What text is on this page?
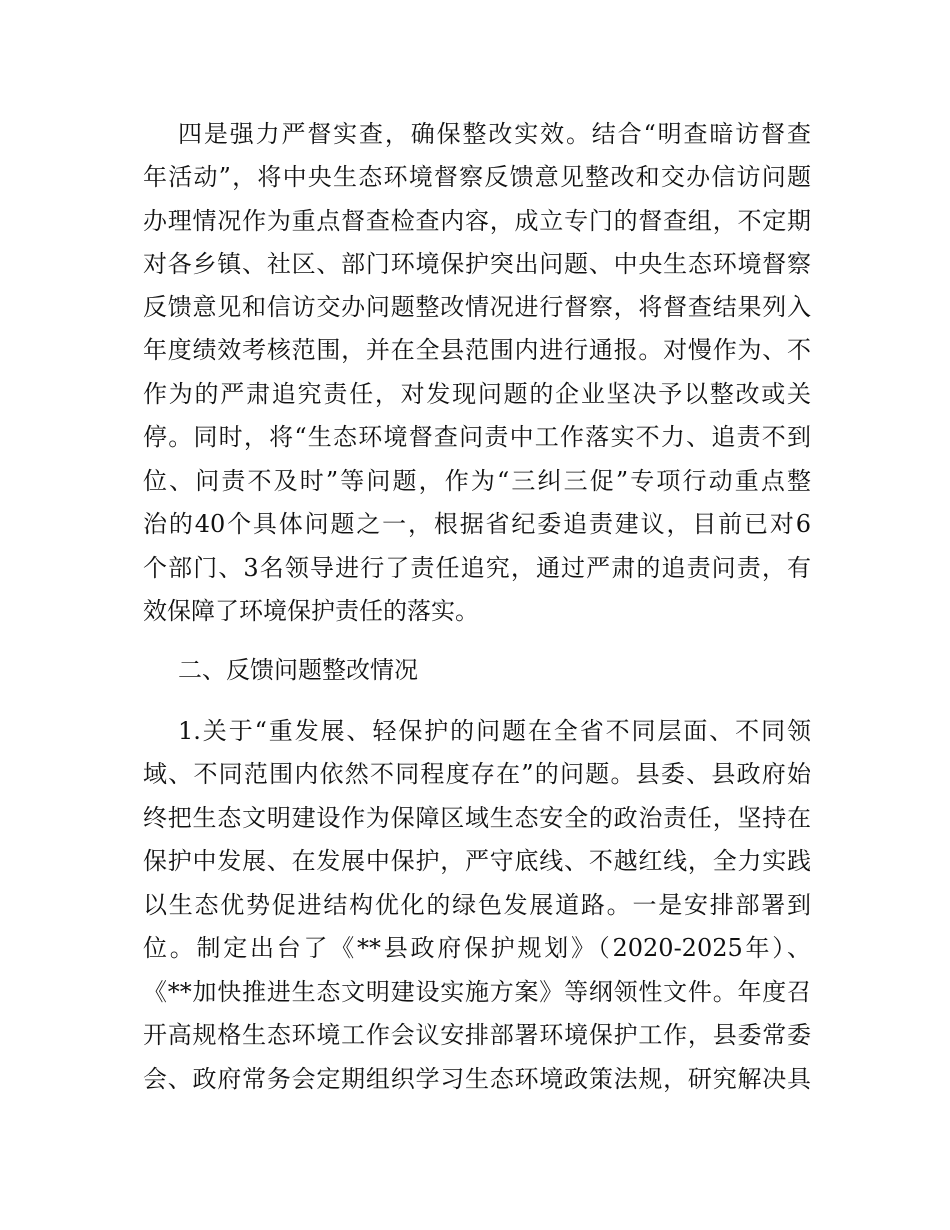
四是强力严督实查，确保整改实效。结合“明查暗访督查
年活动”，将中央生态环境督察反馈意见整改和交办信访问题
办理情况作为重点督查检查内容，成立专门的督查组，不定期
对各乡镇、社区、部门环境保护突出问题、中央生态环境督察
反馈意见和信访交办问题整改情况进行督察，将督查结果列入
年度绩效考核范围，并在全县范围内进行通报。对慢作为、不
作为的严肃追究责任，对发现问题的企业坚决予以整改或关
停。同时，将“生态环境督查问责中工作落实不力、追责不到
位、问责不及时”等问题，作为“三纠三促”专项行动重点整
治的40个具体问题之一，根据省纪委追责建议，目前已对6
个部门、3名领导进行了责任追究，通过严肃的追责问责，有
效保障了环境保护责任的落实。
二、反馈问题整改情况
1.关于“重发展、轻保护的问题在全省不同层面、不同领
域、不同范围内依然不同程度存在”的问题。县委、县政府始
终把生态文明建设作为保障区域生态安全的政治责任，坚持在
保护中发展、在发展中保护，严守底线、不越红线，全力实践
以生态优势促进结构优化的绿色发展道路。一是安排部署到
位。制定出台了《**县政府保护规划》（2020-2025年）、
《**加快推进生态文明建设实施方案》等纲领性文件。年度召
开高规格生态环境工作会议安排部署环境保护工作，县委常委
会、政府常务会定期组织学习生态环境政策法规，研究解决具
